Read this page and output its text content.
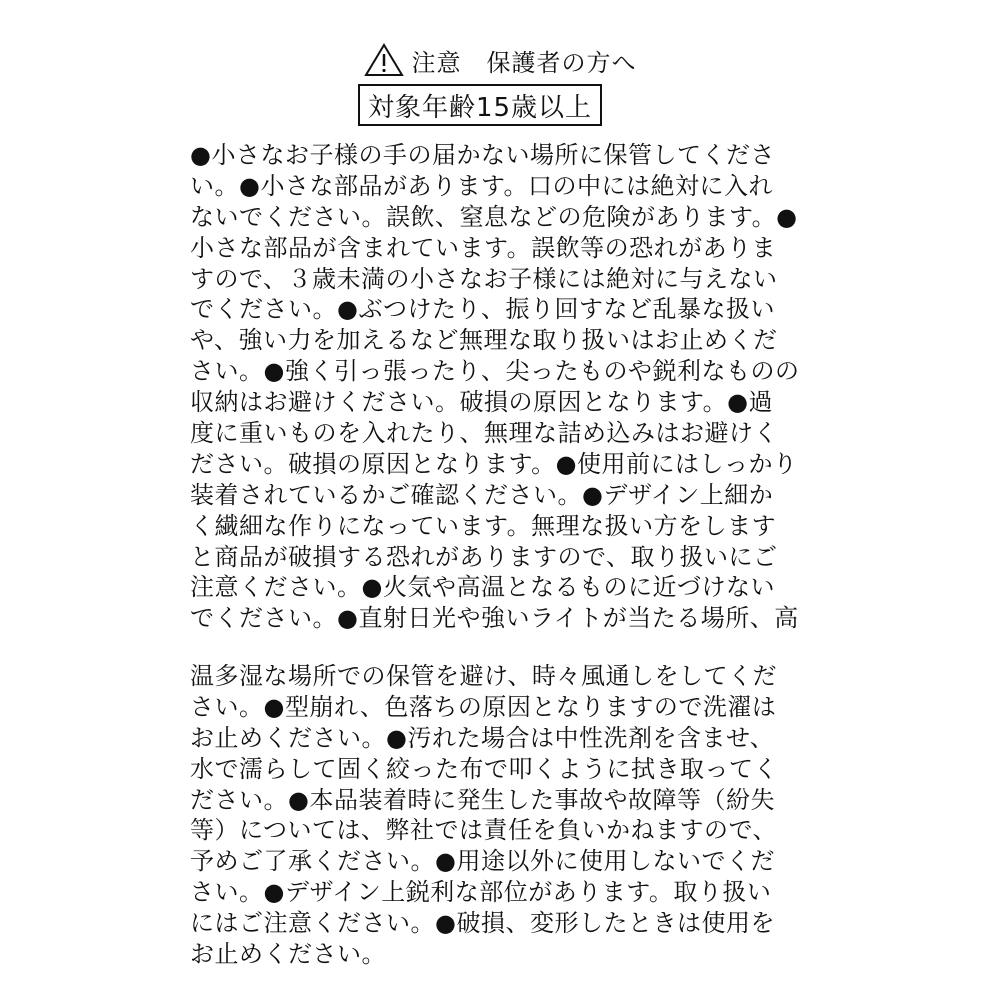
注意　保護者の方へ
対象年齢15歳以上
●小さなお子様の手の届かない場所に保管してくださ
い。●小さな部品があります。口の中には絶対に入れ
ないでください。誤飲、窒息などの危険があります。●
小さな部品が含まれています。誤飲等の恐れがありま
すので、３歳未満の小さなお子様には絶対に与えない
でください。●ぶつけたり、振り回すなど乱暴な扱い
や、強い力を加えるなど無理な取り扱いはお止めくだ
さい。●強く引っ張ったり、尖ったものや鋭利なものの
収納はお避けください。破損の原因となります。●過
度に重いものを入れたり、無理な詰め込みはお避けく
ださい。破損の原因となります。●使用前にはしっかり
装着されているかご確認ください。●デザイン上細か
く繊細な作りになっています。無理な扱い方をします
と商品が破損する恐れがありますので、取り扱いにご
注意ください。●火気や高温となるものに近づけない
でください。●直射日光や強いライトが当たる場所、高
温多湿な場所での保管を避け、時々風通しをしてくだ
さい。●型崩れ、色落ちの原因となりますので洗濯は
お止めください。●汚れた場合は中性洗剤を含ませ、
水で濡らして固く絞った布で叩くように拭き取ってく
ださい。●本品装着時に発生した事故や故障等（紛失
等）については、弊社では責任を負いかねますので、
予めご了承ください。●用途以外に使用しないでくだ
さい。●デザイン上鋭利な部位があります。取り扱い
にはご注意ください。●破損、変形したときは使用を
お止めください。
